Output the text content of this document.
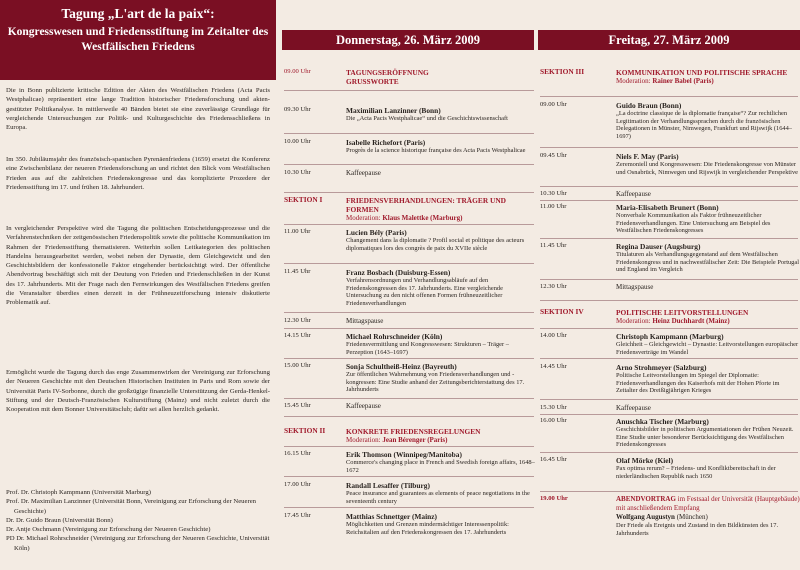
Tagung „L'art de la paix“:
Kongresswesen und Friedensstiftung im Zeitalter des Westfälischen Friedens
Die in Bonn publizierte kritische Edition der Akten des Westfälischen Friedens (Acta Pacis Westphalicae) repräsentiert eine lange Tradition historischer Friedensforschung und aktengestützter Politikanalyse. In mittlerweile 40 Bänden bietet sie eine zuverlässige Grundlage für vergleichende Untersuchungen zur Politik- und Kulturgeschichte des Friedensschließens in Europa.
Im 350. Jubiläumsjahr des französisch-spanischen Pyrenäenfriedens (1659) ersetzt die Konferenz eine Zwischenbilanz der neueren Friedensforschung an und richtet den Blick vom Westfälischen Frieden aus auf die zahlreichen Friedenskongresse und das komplizierte Prozedere der Friedensstiftung im 17. und frühen 18. Jahrhundert.
In vergleichender Perspektive wird die Tagung die politischen Entscheidungsprozesse und die Verfahrenstechniken der zeitgenössischen Friedenspolitik sowie die politische Kommunikation im Rahmen der Friedensstiftung thematisieren. Weiterhin sollen Leitkategorien des politischen Handelns herausgearbeitet werden, wobei neben der Dynastie, dem Gleichgewicht und den Geschichtsbildern der konfessionelle Faktor eingehender berücksichtigt wird. Der öffentliche Abendvortrag beschäftigt sich mit der Deutung von Frieden und Friedenschließen in der Kunst des 17. Jahrhunderts. Mit der Frage nach den Fernwirkungen des Westfälischen Friedens greifen die Veranstalter überdies einen derzeit in der Frühneuzeitforschung intensiv diskutierte Problematik auf.
Ermöglicht wurde die Tagung durch das enge Zusammenwirken der Vereinigung zur Erforschung der Neueren Geschichte mit den Deutschen Historischen Instituten in Paris und Rom sowie der Universität Paris IV-Sorbonne, durch die großzügige finanzielle Unterstützung der Gerda-Henkel-Stiftung und der Deutsch-Französischen Kulturstiftung (Mainz) und nicht zuletzt durch die Kooperation mit dem Bonner Universitätsclub; dafür sei allen herzlich gedankt.
Prof. Dr. Christoph Kampmann (Universität Marburg)
Prof. Dr. Maximilian Lanzinner (Universität Bonn, Vereinigung zur Erforschung der Neueren Geschichte)
Dr. Dr. Guido Braun (Universität Bonn)
Dr. Antje Oschmann (Vereinigung zur Erforschung der Neueren Geschichte)
PD Dr. Michael Rohrschneider (Vereinigung zur Erforschung der Neueren Geschichte, Universität Köln)
Donnerstag, 26. März 2009	Freitag, 27. März 2009
09.00 Uhr	TAGUNGSERÖFFNUNG
GRUSSWORTE
09.30 Uhr	Maximilian Lanzinner (Bonn)
Die „Acta Pacis Westphalicae“ und die Geschichtswissenschaft
10.00 Uhr	Isabelle Richefort (Paris)
Progrès de la science historique française des Acta Pacis Westphalicae
10.30 Uhr	Kaffeepause
SEKTION I	FRIEDENSVERHANDLUNGEN: TRÄGER UND FORMEN
Moderation: Klaus Malettke (Marburg)
11.00 Uhr	Lucien Bély (Paris)
Changement dans la diplomatie ? Profil social et politique des acteurs diplomatiques lors des congrès de paix du XVIIe siècle
11.45 Uhr	Franz Bosbach (Duisburg-Essen)
Verfahrensordnungen und Verhandlungsabläufe auf den Friedenskongressen des 17. Jahrhunderts. Eine vergleichende Untersuchung zu den nicht offenen Formen frühneuzeitlicher Friedensverhandlungen
12.30 Uhr	Mittagspause
14.15 Uhr	Michael Rohrschneider (Köln)
Friedensvermittlung und Kongresswesen: Strukturen – Träger – Perzeption (1643–1697)
15.00 Uhr	Sonja Schultheiß-Heinz (Bayreuth)
Zur öffentlichen Wahrnehmung von Friedensverhandlungen und -kongressen: Eine Studie anhand der Zeitungsberichterstattung des 17. Jahrhunderts
15.45 Uhr	Kaffeepause
SEKTION II	KONKRETE FRIEDENSREGELUNGEN
Moderation: Jean Bérenger (Paris)
16.15 Uhr	Erik Thomson (Winnipeg/Manitoba)
Commerce's changing place in French and Swedish foreign affairs, 1648–1672
17.00 Uhr	Randall Lesaffer (Tilburg)
Peace insurance and guarantees as elements of peace negotiations in the seventeenth century
17.45 Uhr	Matthias Schnettger (Mainz)
Möglichkeiten und Grenzen mindermächtiger Interessenpolitik: Reichsitalien auf den Friedenskongressen des 17. Jahrhunderts
SEKTION III	KOMMUNIKATION UND POLITISCHE SPRACHE
Moderation: Rainer Babel (Paris)
09.00 Uhr	Guido Braun (Bonn)
„La doctrine classique de la diplomatie française“? Zur rechtlichen Legitimation der Verhandlungssprachen durch die französischen Delegationen in Münster, Nimwegen, Frankfurt und Rijswijk (1644–1697)
09.45 Uhr	Niels F. May (Paris)
Zeremoniell und Kongresswesen: Die Friedenskongresse von Münster und Osnabrück, Nimwegen und Rijswijk in vergleichender Perspektive
10.30 Uhr	Kaffeepause
11.00 Uhr	Maria-Elisabeth Brunert (Bonn)
Nonverbale Kommunikation als Faktor frühneuzeitlicher Friedensverhandlungen. Eine Untersuchung am Beispiel des Westfälischen Friedenskongresses
11.45 Uhr	Regina Dauser (Augsburg)
Titulaturen als Verhandlungsgegenstand auf dem Westfälischen Friedenskongress und in nachwestfälischer Zeit: Die Beispiele Portugal und England im Vergleich
12.30 Uhr	Mittagspause
SEKTION IV	POLITISCHE LEITVORSTELLUNGEN
Moderation: Heinz Duchhardt (Mainz)
14.00 Uhr	Christoph Kampmann (Marburg)
Gleichheit – Gleichgewicht – Dynastie: Leitvorstellungen europäischer Friedensverträge im Wandel
14.45 Uhr	Arno Strohmeyer (Salzburg)
Politische Leitvorstellungen im Spiegel der Diplomatie: Friedensverhandlungen des Kaiserhofs mit der Hohen Pforte im Zeitalter des Dreißigjährigen Krieges
15.30 Uhr	Kaffeepause
16.00 Uhr	Anuschka Tischer (Marburg)
Geschichtsbilder in politischen Argumentationen der Frühen Neuzeit. Eine Studie unter besonderer Berücksichtigung des Westfälischen Friedenskongresses
16.45 Uhr	Olaf Mörke (Kiel)
Pax optima rerum? – Friedens- und Konfliktbereitschaft in der niederländischen Republik nach 1650
19.00 Uhr	ABENDVORTRAG im Festsaal der Universität (Hauptgebäude) mit anschließendem Empfang
Wolfgang Augustyn (München)
Der Friede als Ereignis und Zustand in den Bildkünsten des 17. Jahrhunderts
